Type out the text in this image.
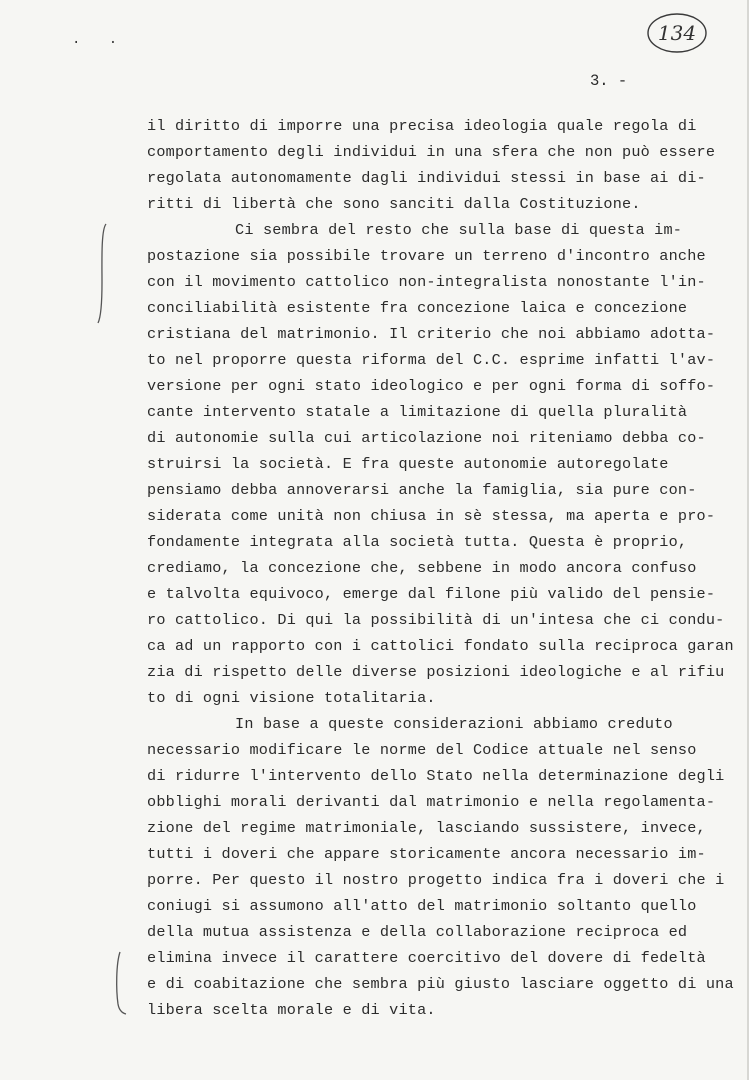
. .	134
3. -
il diritto di imporre una precisa ideologia quale regola di
comportamento degli individui in una sfera che non può essere
regolata autonomamente dagli individui stessi in base ai di-
ritti di libertà che sono sanciti dalla Costituzione.
Ci sembra del resto che sulla base di questa im-
postazione sia possibile trovare un terreno d'incontro anche
con il movimento cattolico non-integralista nonostante l'in-
conciliabilità esistente fra concezione laica e concezione
cristiana del matrimonio. Il criterio che noi abbiamo adotta-
to nel proporre questa riforma del C.C. esprime infatti l'av-
versione per ogni stato ideologico e per ogni forma di soffo-
cante intervento statale a limitazione di quella pluralità
di autonomie sulla cui articolazione noi riteniamo debba co-
struirsi la società. E fra queste autonomie autoregolate
pensiamo debba annoverarsi anche la famiglia, sia pure con-
siderata come unità non chiusa in sè stessa, ma aperta e pro-
fondamente integrata alla società tutta. Questa è proprio,
crediamo, la concezione che, sebbene in modo ancora confuso
e talvolta equivoco, emerge dal filone più valido del pensie-
ro cattolico. Di qui la possibilità di un'intesa che ci condu-
ca ad un rapporto con i cattolici fondato sulla reciproca garan
zia di rispetto delle diverse posizioni ideologiche e al rifiu
to di ogni visione totalitaria.
In base a queste considerazioni abbiamo creduto
necessario modificare le norme del Codice attuale nel senso
di ridurre l'intervento dello Stato nella determinazione degli
obblighi morali derivanti dal matrimonio e nella regolamenta-
zione del regime matrimoniale, lasciando sussistere, invece,
tutti i doveri che appare storicamente ancora necessario im-
porre. Per questo il nostro progetto indica fra i doveri che i
coniugi si assumono all'atto del matrimonio soltanto quello
della mutua assistenza e della collaborazione reciproca ed
elimina invece il carattere coercitivo del dovere di fedeltà
e di coabitazione che sembra più giusto lasciare oggetto di una
libera scelta morale e di vita.
